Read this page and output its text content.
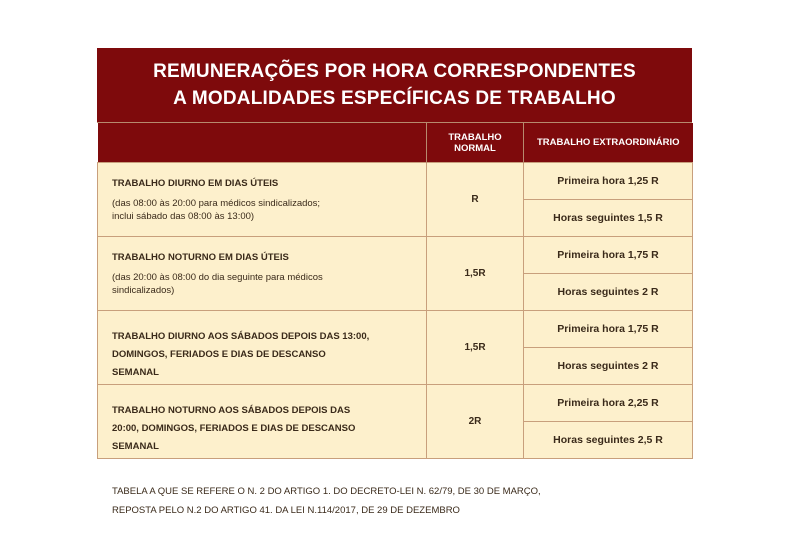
REMUNERAÇÕES POR HORA CORRESPONDENTES
A MODALIDADES ESPECÍFICAS DE TRABALHO
	TRABALHO NORMAL	TRABALHO EXTRAORDINÁRIO

TRABALHO DIURNO EM DIAS ÚTEIS
(das 08:00 às 20:00 para médicos sindicalizados; inclui sábado das 08:00 às 13:00)	R	Primeira hora 1,25 R
		Horas seguintes 1,5 R

TRABALHO NOTURNO EM DIAS ÚTEIS
(das 20:00 às 08:00 do dia seguinte para médicos sindicalizados)	1,5R	Primeira hora 1,75 R
		Horas seguintes 2 R

TRABALHO DIURNO AOS SÁBADOS DEPOIS DAS 13:00, DOMINGOS, FERIADOS E DIAS DE DESCANSO SEMANAL	1,5R	Primeira hora 1,75 R
		Horas seguintes 2 R

TRABALHO NOTURNO AOS SÁBADOS DEPOIS DAS 20:00, DOMINGOS, FERIADOS E DIAS DE DESCANSO SEMANAL	2R	Primeira hora 2,25 R
		Horas seguintes 2,5 R
TABELA A QUE SE REFERE O N. 2 DO ARTIGO 1. DO DECRETO-LEI N. 62/79, DE 30 DE MARÇO,
REPOSTA PELO N.2 DO ARTIGO 41. DA LEI N.114/2017, DE 29 DE DEZEMBRO
